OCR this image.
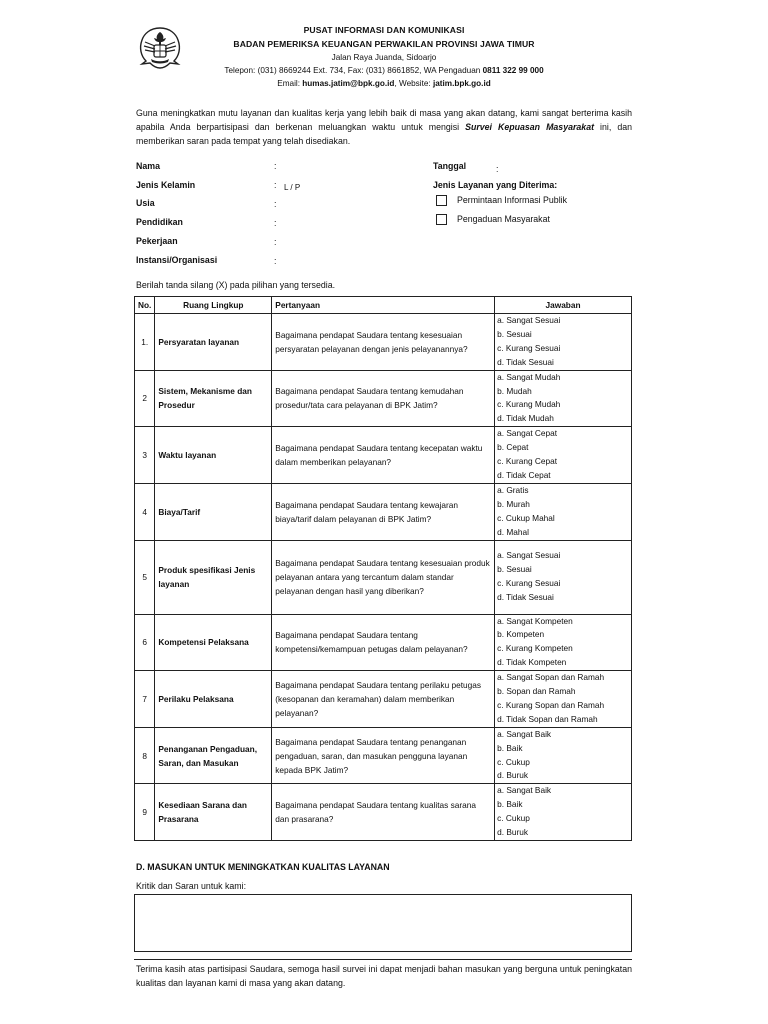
PUSAT INFORMASI DAN KOMUNIKASI
BADAN PEMERIKSA KEUANGAN PERWAKILAN PROVINSI JAWA TIMUR
Jalan Raya Juanda, Sidoarjo
Telepon: (031) 8669244 Ext. 734, Fax: (031) 8661852, WA Pengaduan 0811 322 99 000
Email: humas.jatim@bpk.go.id, Website: jatim.bpk.go.id
Guna meningkatkan mutu layanan dan kualitas kerja yang lebih baik di masa yang akan datang, kami sangat berterima kasih apabila Anda berpartisipasi dan berkenan meluangkan waktu untuk mengisi Survei Kepuasan Masyarakat ini, dan memberikan saran pada tempat yang telah disediakan.
Nama	:
Jenis Kelamin	: L / P
Usia	:
Pendidikan	:
Pekerjaan	:
Instansi/Organisasi	:
Tanggal	:
Jenis Layanan yang Diterima:
Permintaan Informasi Publik
Pengaduan Masyarakat
Berilah tanda silang (X) pada pilihan yang tersedia.
No.	Ruang Lingkup	Pertanyaan	Jawaban
1.	Persyaratan layanan	Bagaimana pendapat Saudara tentang kesesuaian persyaratan pelayanan dengan jenis pelayanannya?	a. Sangat Sesuai
b. Sesuai
c. Kurang Sesuai
d. Tidak Sesuai

2	Sistem, Mekanisme dan Prosedur	Bagaimana pendapat Saudara tentang kemudahan prosedur/tata cara pelayanan di BPK Jatim?	a. Sangat Mudah
b. Mudah
c. Kurang Mudah
d. Tidak Mudah

3	Waktu layanan	Bagaimana pendapat Saudara tentang kecepatan waktu dalam memberikan pelayanan?	a. Sangat Cepat
b. Cepat
c. Kurang Cepat
d. Tidak Cepat

4	Biaya/Tarif	Bagaimana pendapat Saudara tentang kewajaran biaya/tarif dalam pelayanan di BPK Jatim?	a. Gratis
b. Murah
c. Cukup Mahal
d. Mahal

5	Produk spesifikasi Jenis layanan	Bagaimana pendapat Saudara tentang kesesuaian produk pelayanan antara yang tercantum dalam standar pelayanan dengan hasil yang diberikan?	a. Sangat Sesuai
b. Sesuai
c. Kurang Sesuai
d. Tidak Sesuai

6	Kompetensi Pelaksana	Bagaimana pendapat Saudara tentang kompetensi/kemampuan petugas dalam pelayanan?	a. Sangat Kompeten
b. Kompeten
c. Kurang Kompeten
d. Tidak Kompeten

7	Perilaku Pelaksana	Bagaimana pendapat Saudara tentang perilaku petugas (kesopanan dan keramahan) dalam memberikan pelayanan?	a. Sangat Sopan dan Ramah
b. Sopan dan Ramah
c. Kurang Sopan dan Ramah
d. Tidak Sopan dan Ramah

8	Penanganan Pengaduan, Saran, dan Masukan	Bagaimana pendapat Saudara tentang penanganan pengaduan, saran, dan masukan pengguna layanan kepada BPK Jatim?	a. Sangat Baik
b. Baik
c. Cukup
d. Buruk

9	Kesediaan Sarana dan Prasarana	Bagaimana pendapat Saudara tentang kualitas sarana dan prasarana?	a. Sangat Baik
b. Baik
c. Cukup
d. Buruk
D. MASUKAN UNTUK MENINGKATKAN KUALITAS LAYANAN
Kritik dan Saran untuk kami:
Terima kasih atas partisipasi Saudara, semoga hasil survei ini dapat menjadi bahan masukan yang berguna untuk peningkatan kualitas dan layanan kami di masa yang akan datang.
